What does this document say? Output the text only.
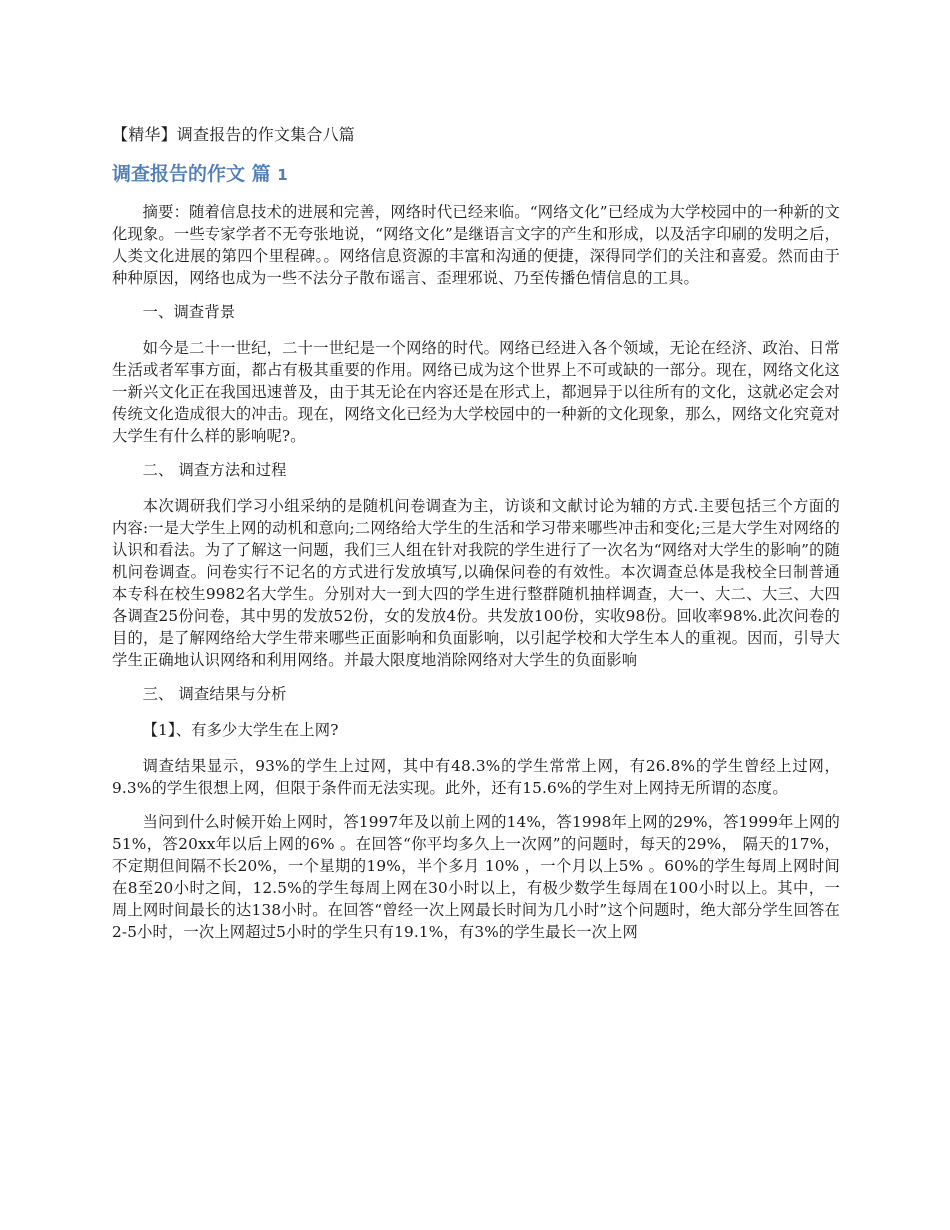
【精华】调查报告的作文集合八篇
调查报告的作文 篇 1

摘要：随着信息技术的进展和完善，网络时代已经来临。“网络文化”已经成为大学校园中的一种新的文化现象。一些专家学者不无夸张地说，“网络文化”是继语言文字的产生和形成，以及活字印刷的发明之后，人类文化进展的第四个里程碑。。网络信息资源的丰富和沟通的便捷，深得同学们的关注和喜爱。然而由于种种原因，网络也成为一些不法分子散布谣言、歪理邪说、乃至传播色情信息的工具。

一、调查背景

如今是二十一世纪，二十一世纪是一个网络的时代。网络已经进入各个领域，无论在经济、政治、日常生活或者军事方面，都占有极其重要的作用。网络已成为这个世界上不可或缺的一部分。现在，网络文化这一新兴文化正在我国迅速普及，由于其无论在内容还是在形式上，都迥异于以往所有的文化，这就必定会对传统文化造成很大的冲击。现在，网络文化已经为大学校园中的一种新的文化现象，那么，网络文化究竟对大学生有什么样的影响呢?。

二、 调查方法和过程

本次调研我们学习小组采纳的是随机问卷调查为主，访谈和文献讨论为辅的方式.主要包括三个方面的内容:一是大学生上网的动机和意向;二网络给大学生的生活和学习带来哪些冲击和变化;三是大学生对网络的认识和看法。为了了解这一问题，我们三人组在针对我院的学生进行了一次名为“网络对大学生的影响”的随机问卷调查。问卷实行不记名的方式进行发放填写,以确保问卷的有效性。本次调查总体是我校全曰制普通本专科在校生9982名大学生。分别对大一到大四的学生进行整群随机抽样调查，大一、大二、大三、大四各调查25份问卷，其中男的发放52份，女的发放4份。共发放100份，实收98份。回收率98%.此次问卷的目的，是了解网络给大学生带来哪些正面影响和负面影响，以引起学校和大学生本人的重视。因而，引导大学生正确地认识网络和利用网络。并最大限度地消除网络对大学生的负面影响

三、 调查结果与分析

【1】、有多少大学生在上网?

调查结果显示，93%的学生上过网，其中有48.3%的学生常常上网，有26.8%的学生曾经上过网，9.3%的学生很想上网，但限于条件而无法实现。此外，还有15.6%的学生对上网持无所谓的态度。

当问到什么时候开始上网时，答1997年及以前上网的14%，答1998年上网的29%，答1999年上网的51%，答20xx年以后上网的6% 。在回答“你平均多久上一次网”的问题时，每天的29%， 隔天的17%，不定期但间隔不长20%，一个星期的19%，半个多月 10% ，一个月以上5% 。60%的学生每周上网时间在8至20小时之间，12.5%的学生每周上网在30小时以上，有极少数学生每周在100小时以上。其中，一周上网时间最长的达138小时。在回答“曾经一次上网最长时间为几小时”这个问题时，绝大部分学生回答在2-5小时，一次上网超过5小时的学生只有19.1%，有3%的学生最长一次上网
